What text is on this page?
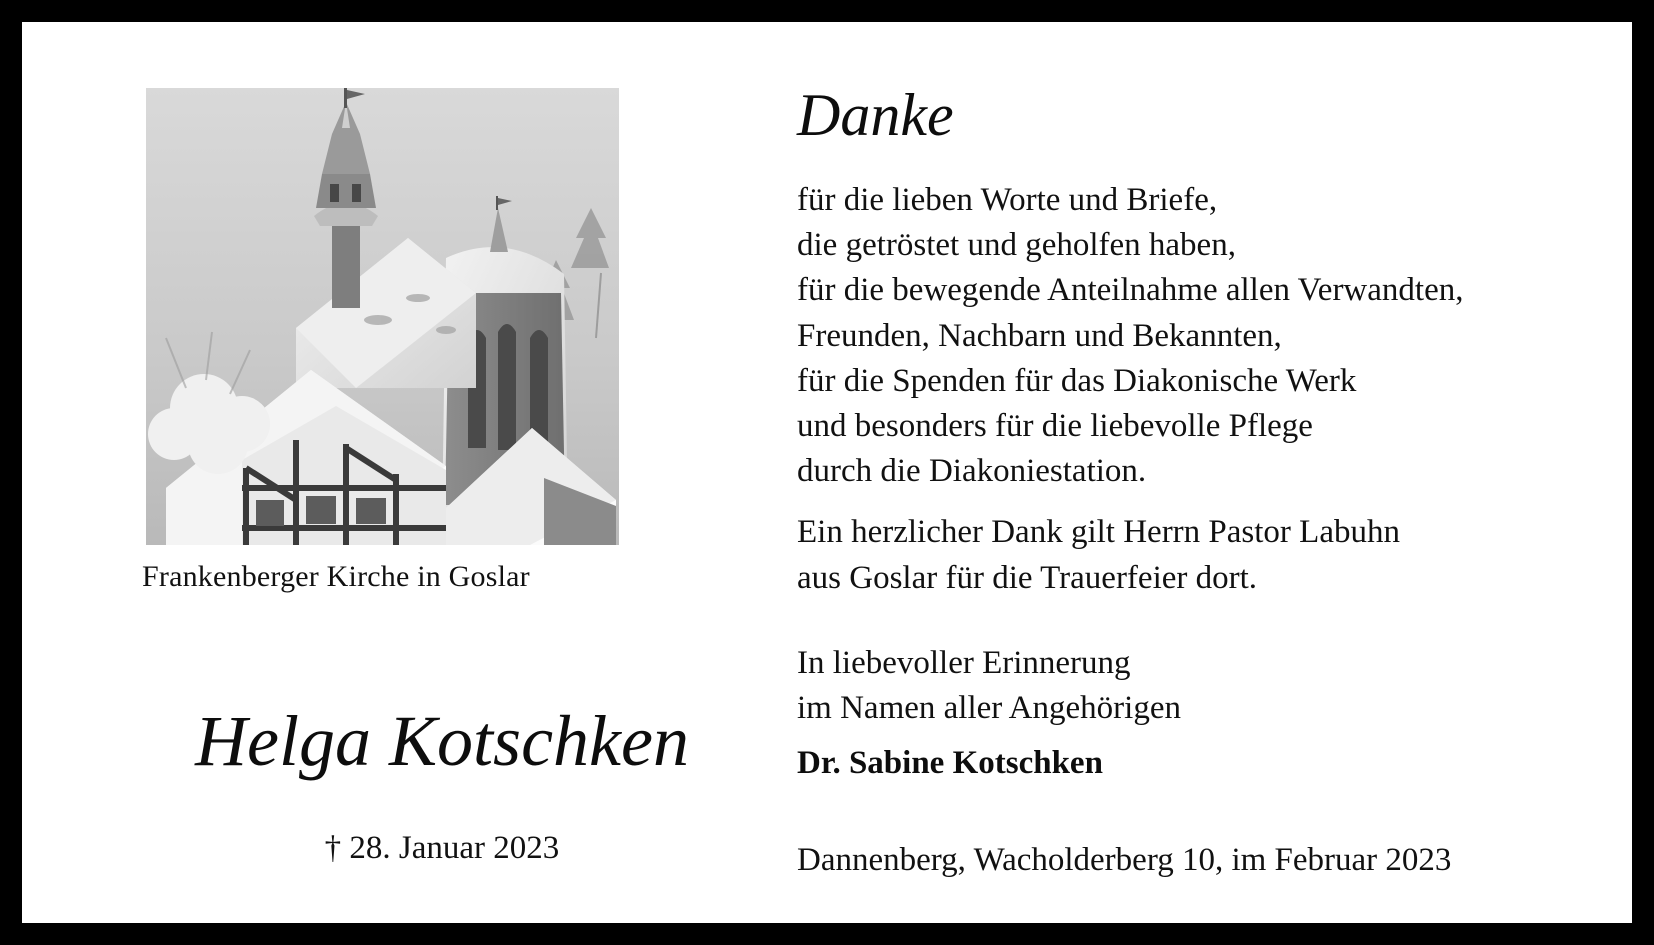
Frankenberger Kirche in Goslar
Helga Kotschken
† 28. Januar 2023
Danke
für die lieben Worte und Briefe,
die getröstet und geholfen haben,
für die bewegende Anteilnahme allen Verwandten,
Freunden, Nachbarn und Bekannten,
für die Spenden für das Diakonische Werk
und besonders für die liebevolle Pflege
durch die Diakoniestation.
Ein herzlicher Dank gilt Herrn Pastor Labuhn
aus Goslar für die Trauerfeier dort.
In liebevoller Erinnerung
im Namen aller Angehörigen
Dr. Sabine Kotschken
Dannenberg, Wacholderberg 10, im Februar 2023
